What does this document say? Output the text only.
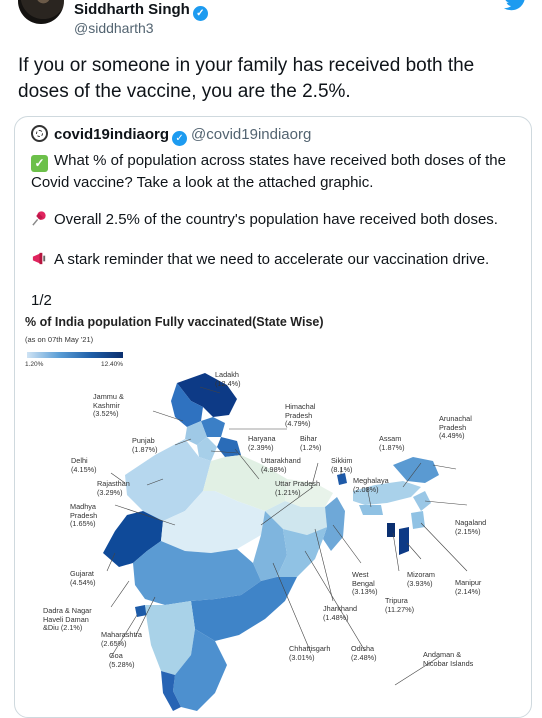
Siddharth Singh ✓
@siddharth3
If you or someone in your family has received both the doses of the vaccine, you are the 2.5%.
covid19indiaorg ✓ @covid19indiaorg
✓ What % of population across states have received both doses of the Covid vaccine? Take a look at the attached graphic.
Overall 2.5% of the country's population have received both doses.
A stark reminder that we need to accelerate our vaccination drive.
1/2
% of India population Fully vaccinated(State Wise)
(as on 07th May '21)
1.20%	12.40%
Ladakh
(12.4%)
Jammu &
Kashmir
(3.52%)
Himachal
Pradesh
(4.79%)
Arunachal
Pradesh
(4.49%)
Punjab
(1.87%)
Haryana
(2.39%)
Bihar
(1.2%)
Assam
(1.87%)
Delhi
(4.15%)
Uttarakhand
(4.98%)
Sikkim
(8.1%)
Rajasthan
(3.29%)
Uttar Pradesh
(1.21%)
Meghalaya
(2.08%)
Madhya
Pradesh
(1.65%)	Nagaland
(2.15%)
Gujarat
(4.54%)
West
Bengal
(3.13%)
Mizoram
(3.93%)	Manipur
(2.14%)
Dadra & Nagar
Haveli Daman
&Diu (2.1%)
Tripura
(11.27%)
Jharkhand
(1.48%)
Maharashtra
(2.65%)
Goa
(5.28%)
Chhattisgarh
(3.01%)
Odisha
(2.48%)	Andaman &
Nicobar Islands
